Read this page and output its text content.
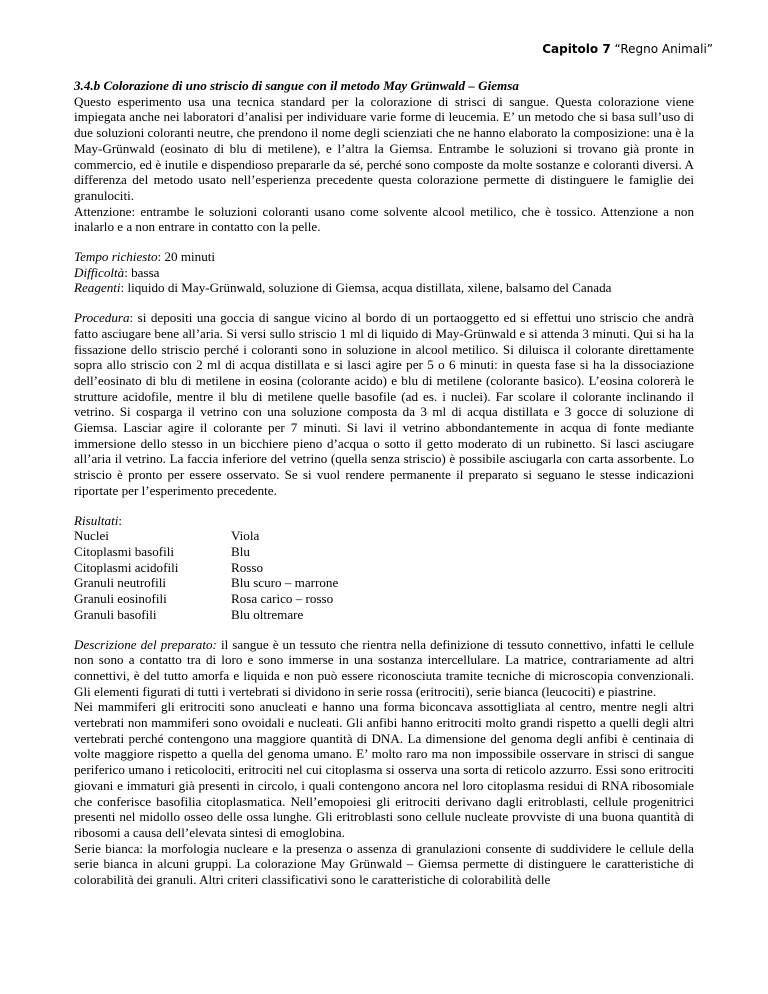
Capitolo 7 “Regno Animali”

3.4.b Colorazione di uno striscio di sangue con il metodo May Grünwald – Giemsa

Questo esperimento usa una tecnica standard per la colorazione di strisci di sangue. Questa colorazione viene impiegata anche nei laboratori d’analisi per individuare varie forme di leucemia. E’ un metodo che si basa sull’uso di due soluzioni coloranti neutre, che prendono il nome degli scienziati che ne hanno elaborato la composizione: una è la May-Grünwald (eosinato di blu di metilene), e l’altra la Giemsa. Entrambe le soluzioni si trovano già pronte in commercio, ed è inutile e dispendioso prepararle da sé, perché sono composte da molte sostanze e coloranti diversi. A differenza del metodo usato nell’esperienza precedente questa colorazione permette di distinguere le famiglie dei granulociti.

Attenzione: entrambe le soluzioni coloranti usano come solvente alcool metilico, che è tossico. Attenzione a non inalarlo e a non entrare in contatto con la pelle.

Tempo richiesto: 20 minuti

Difficoltà: bassa

Reagenti: liquido di May-Grünwald, soluzione di Giemsa, acqua distillata, xilene, balsamo del Canada

Procedura: si depositi una goccia di sangue vicino al bordo di un portaoggetto ed si effettui uno striscio che andrà fatto asciugare bene all’aria. Si versi sullo striscio 1 ml di liquido di May-Grünwald e si attenda 3 minuti. Qui si ha la fissazione dello striscio perché i coloranti sono in soluzione in alcool metilico. Si diluisca il colorante direttamente sopra allo striscio con 2 ml di acqua distillata e si lasci agire per 5 o 6 minuti: in questa fase si ha la dissociazione dell’eosinato di blu di metilene in eosina (colorante acido) e blu di metilene (colorante basico). L’eosina colorerà le strutture acidofile, mentre il blu di metilene quelle basofile (ad es. i nuclei). Far scolare il colorante inclinando il vetrino. Si cosparga il vetrino con una soluzione composta da 3 ml di acqua distillata e 3 gocce di soluzione di Giemsa. Lasciar agire il colorante per 7 minuti. Si lavi il vetrino abbondantemente in acqua di fonte mediante immersione dello stesso in un bicchiere pieno d’acqua o sotto il getto moderato di un rubinetto. Si lasci asciugare all’aria il vetrino. La faccia inferiore del vetrino (quella senza striscio) è possibile asciugarla con carta assorbente. Lo striscio è pronto per essere osservato. Se si vuol rendere permanente il preparato si seguano le stesse indicazioni riportate per l’esperimento precedente.

Risultati:

Nuclei	Viola
Citoplasmi basofili	Blu
Citoplasmi acidofili	Rosso
Granuli neutrofili	Blu scuro – marrone
Granuli eosinofili	Rosa carico – rosso
Granuli basofili	Blu oltremare

Descrizione del preparato: il sangue è un tessuto che rientra nella definizione di tessuto connettivo, infatti le cellule non sono a contatto tra di loro e sono immerse in una sostanza intercellulare. La matrice, contrariamente ad altri connettivi, è del tutto amorfa e liquida e non può essere riconosciuta tramite tecniche di microscopia convenzionali. Gli elementi figurati di tutti i vertebrati si dividono in serie rossa (eritrociti), serie bianca (leucociti) e piastrine.

Nei mammiferi gli eritrociti sono anucleati e hanno una forma biconcava assottigliata al centro, mentre negli altri vertebrati non mammiferi sono ovoidali e nucleati. Gli anfibi hanno eritrociti molto grandi rispetto a quelli degli altri vertebrati perché contengono una maggiore quantità di DNA. La dimensione del genoma degli anfibi è centinaia di volte maggiore rispetto a quella del genoma umano. E’ molto raro ma non impossibile osservare in strisci di sangue periferico umano i reticolociti, eritrociti nel cui citoplasma si osserva una sorta di reticolo azzurro. Essi sono eritrociti giovani e immaturi già presenti in circolo, i quali contengono ancora nel loro citoplasma residui di RNA ribosomiale che conferisce basofilia citoplasmatica. Nell’emopoiesi gli eritrociti derivano dagli eritroblasti, cellule progenitrici presenti nel midollo osseo delle ossa lunghe. Gli eritroblasti sono cellule nucleate provviste di una buona quantità di ribosomi a causa dell’elevata sintesi di emoglobina.

Serie bianca: la morfologia nucleare e la presenza o assenza di granulazioni consente di suddividere le cellule della serie bianca in alcuni gruppi. La colorazione May Grünwald – Giemsa permette di distinguere le caratteristiche di colorabilità dei granuli. Altri criteri classificativi sono le caratteristiche di colorabilità delle
